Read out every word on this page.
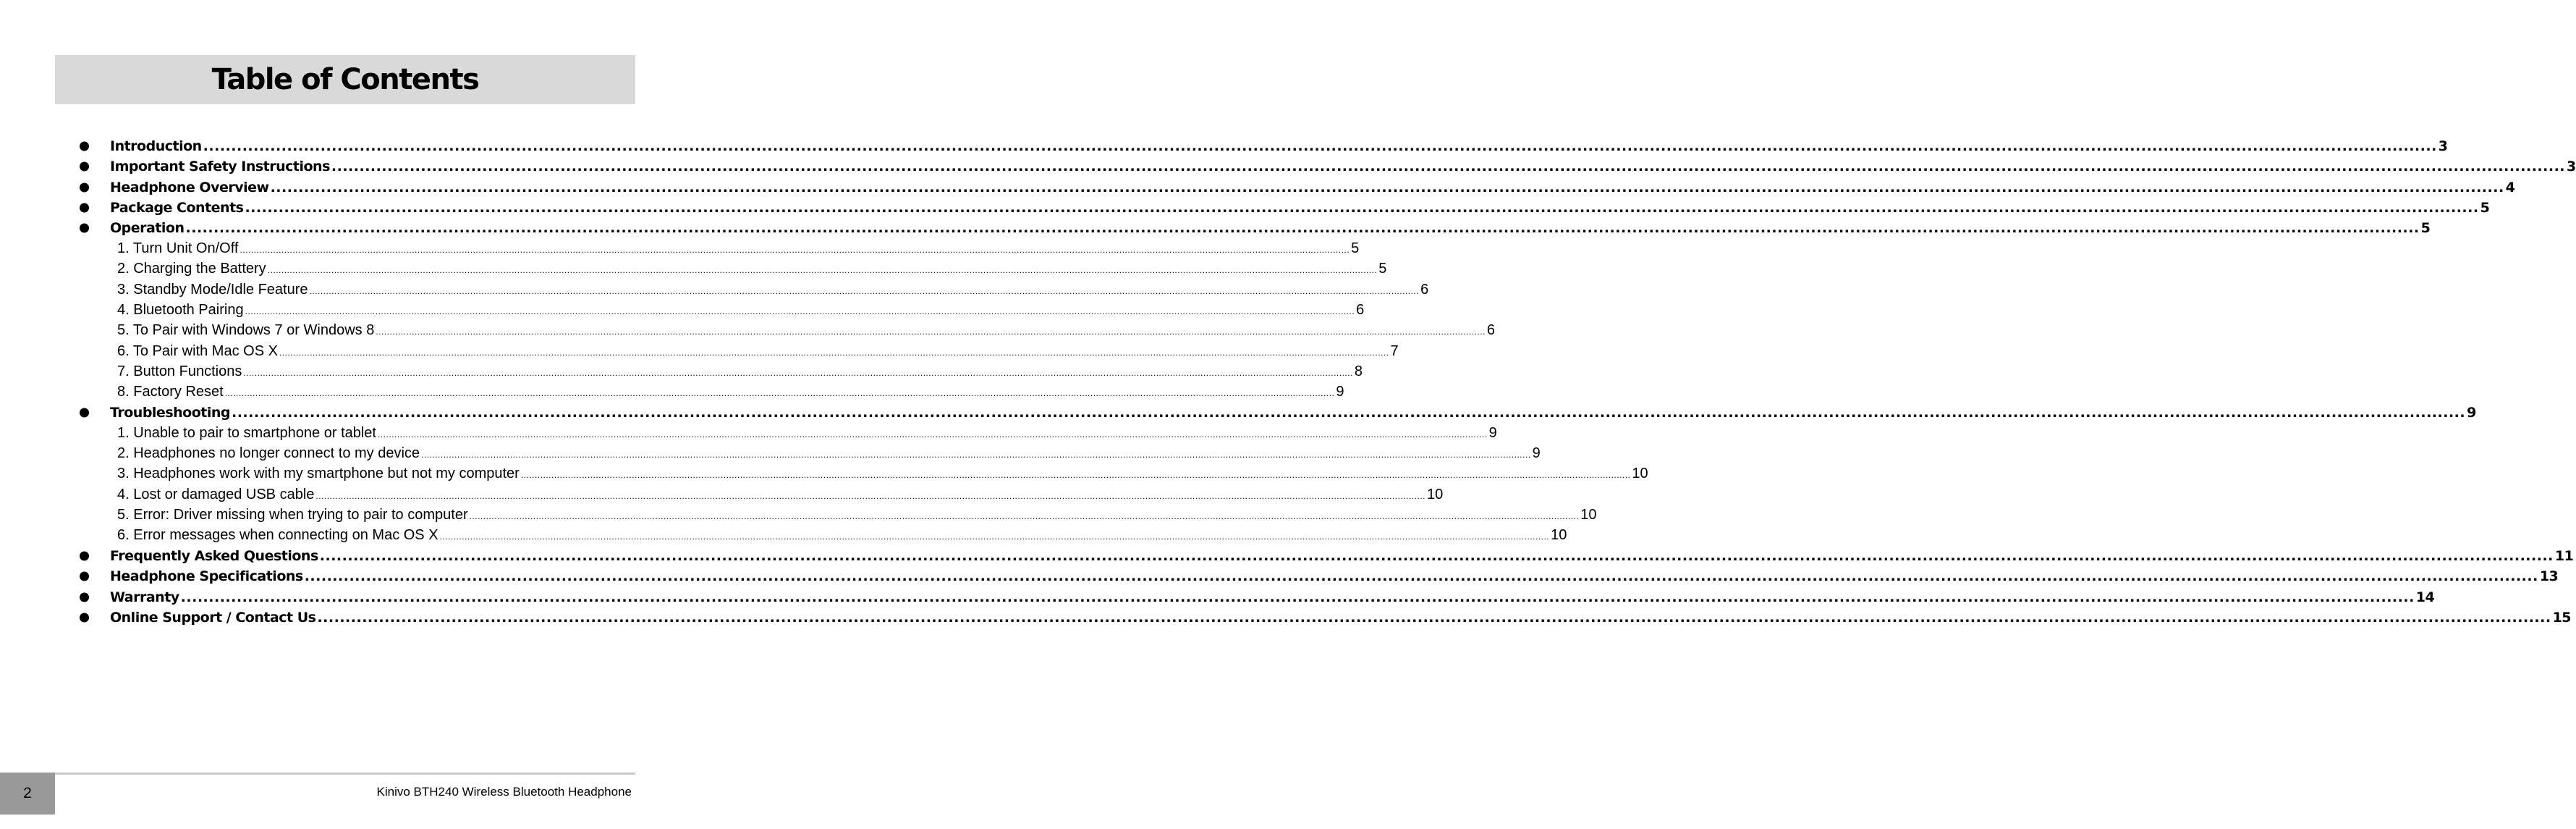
Table of Contents
Introduction ................................................................................................................................................................................................................................................................................................................................................................................................................ 3
Important Safety Instructions ................................................................................................................................................................................................................................................................................................................................................................................................................ 3
Headphone Overview ................................................................................................................................................................................................................................................................................................................................................................................................................ 4
Package Contents ................................................................................................................................................................................................................................................................................................................................................................................................................ 5
Operation ................................................................................................................................................................................................................................................................................................................................................................................................................ 5
1. Turn Unit On/Off ................................................................................................................................................................................................................................................................................................................................................................................................................ 5
2. Charging the Battery ................................................................................................................................................................................................................................................................................................................................................................................................................ 5
3. Standby Mode/Idle Feature ................................................................................................................................................................................................................................................................................................................................................................................................................ 6
4. Bluetooth Pairing ................................................................................................................................................................................................................................................................................................................................................................................................................ 6
5. To Pair with Windows 7 or Windows 8 ................................................................................................................................................................................................................................................................................................................................................................................................................ 6
6. To Pair with Mac OS X ................................................................................................................................................................................................................................................................................................................................................................................................................ 7
7. Button Functions ................................................................................................................................................................................................................................................................................................................................................................................................................ 8
8. Factory Reset ................................................................................................................................................................................................................................................................................................................................................................................................................ 9
Troubleshooting ................................................................................................................................................................................................................................................................................................................................................................................................................ 9
1. Unable to pair to smartphone or tablet ................................................................................................................................................................................................................................................................................................................................................................................................................ 9
2. Headphones no longer connect to my device ................................................................................................................................................................................................................................................................................................................................................................................................................ 9
3. Headphones work with my smartphone but not my computer ................................................................................................................................................................................................................................................................................................................................................................................................................ 10
4. Lost or damaged USB cable ................................................................................................................................................................................................................................................................................................................................................................................................................ 10
5. Error: Driver missing when trying to pair to computer ................................................................................................................................................................................................................................................................................................................................................................................................................ 10
6. Error messages when connecting on Mac OS X ................................................................................................................................................................................................................................................................................................................................................................................................................ 10
Frequently Asked Questions ................................................................................................................................................................................................................................................................................................................................................................................................................ 11
Headphone Specifications ................................................................................................................................................................................................................................................................................................................................................................................................................ 13
Warranty ................................................................................................................................................................................................................................................................................................................................................................................................................ 14
Online Support / Contact Us ................................................................................................................................................................................................................................................................................................................................................................................................................ 15
2	Kinivo BTH240 Wireless Bluetooth Headphone
